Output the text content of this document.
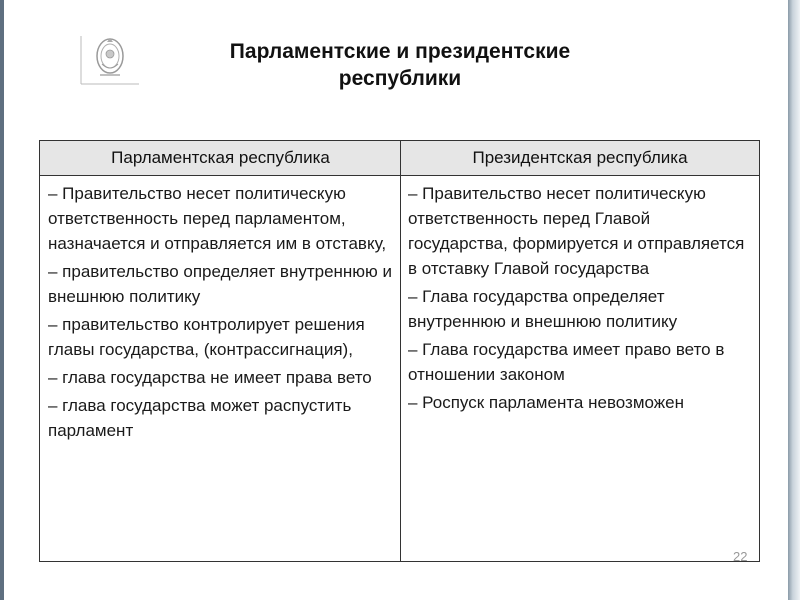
Парламентские и президентские
республики
Парламентская республика	Президентская республика
– Правительство несет политическую ответственность перед парламентом, назначается и отправляется им в отставку,
– правительство определяет внутреннюю и внешнюю политику
– правительство контролирует решения главы государства, (контрассигнация),
– глава государства не имеет права вето
– глава государства может распустить парламент
– Правительство несет политическую ответственность перед Главой государства, формируется и отправляется в отставку Главой государства
– Глава государства определяет внутреннюю и внешнюю политику
– Глава государства имеет право вето в отношении законом
– Роспуск парламента невозможен
22
